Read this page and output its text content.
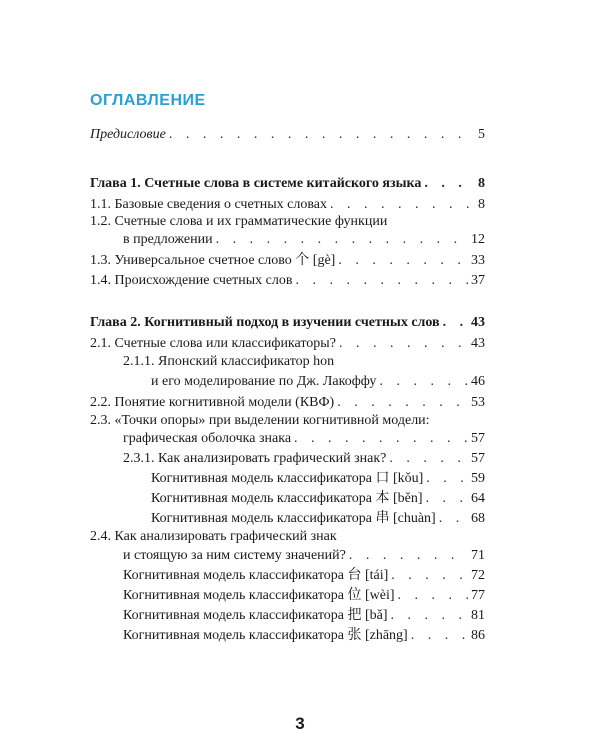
ОГЛАВЛЕНИЕ
Предисловие . . .	5
Глава 1. Счетные слова в системе китайского языка . . .	8
1.1. Базовые сведения о счетных словах . . .	8
1.2. Счетные слова и их грамматические функции
в предложении . . .	12
1.3. Универсальное счетное слово 个 [gè] . . .	33
1.4. Происхождение счетных слов . . .	37
Глава 2. Когнитивный подход в изучении счетных слов . . . 43
2.1. Счетные слова или классификаторы? . . .	43
2.1.1. Японский классификатор hon
и его моделирование по Дж. Лакоффу . . .	46
2.2. Понятие когнитивной модели (КВФ) . . .	53
2.3. «Точки опоры» при выделении когнитивной модели:
графическая оболочка знака . . .	57
2.3.1. Как анализировать графический знак? . . .	57
Когнитивная модель классификатора 口 [kǒu] . . .	59
Когнитивная модель классификатора 本 [běn] . . .	64
Когнитивная модель классификатора 串 [chuàn] . . .	68
2.4. Как анализировать графический знак
и стоящую за ним систему значений? . . .	71
Когнитивная модель классификатора 台 [tái] . . .	72
Когнитивная модель классификатора 位 [wèi] . . .	77
Когнитивная модель классификатора 把 [bǎ] . . .	81
Когнитивная модель классификатора 张 [zhāng] . . .	86
3
